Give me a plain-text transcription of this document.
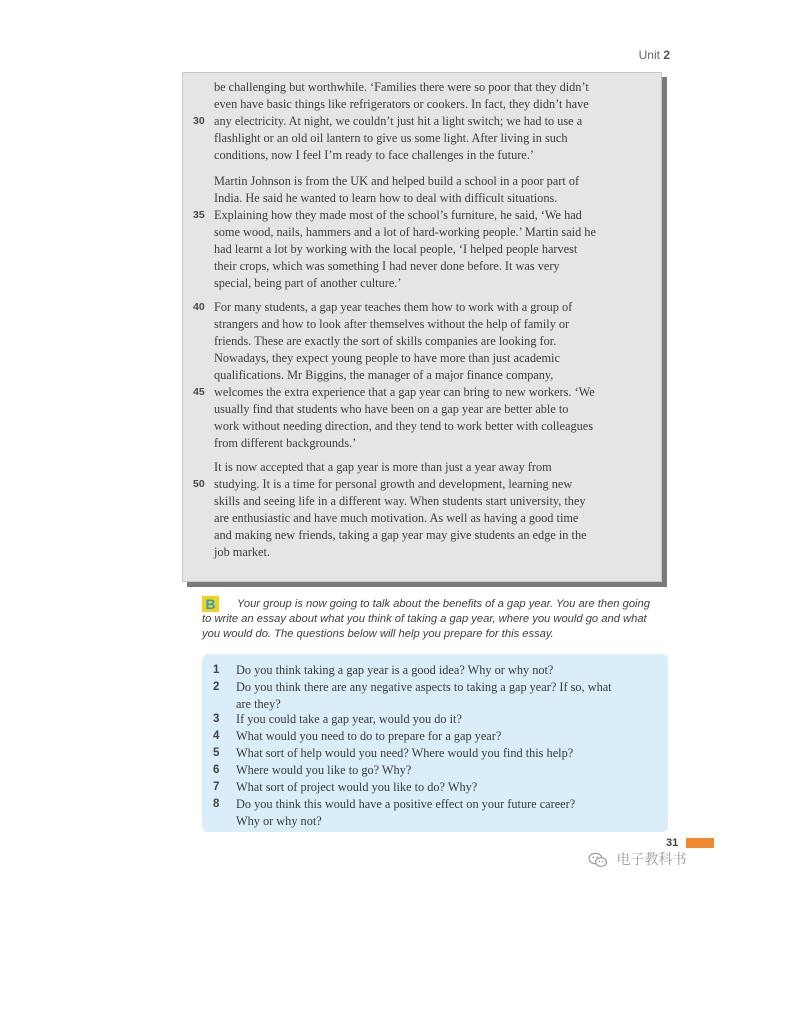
Unit 2
be challenging but worthwhile. ‘Families there were so poor that they didn’t
even have basic things like refrigerators or cookers. In fact, they didn’t have
30 any electricity. At night, we couldn’t just hit a light switch; we had to use a
flashlight or an old oil lantern to give us some light. After living in such
conditions, now I feel I’m ready to face challenges in the future.’
Martin Johnson is from the UK and helped build a school in a poor part of
India. He said he wanted to learn how to deal with difficult situations.
35 Explaining how they made most of the school’s furniture, he said, ‘We had
some wood, nails, hammers and a lot of hard-working people.’ Martin said he
had learnt a lot by working with the local people, ‘I helped people harvest
their crops, which was something I had never done before. It was very
special, being part of another culture.’
40 For many students, a gap year teaches them how to work with a group of
strangers and how to look after themselves without the help of family or
friends. These are exactly the sort of skills companies are looking for.
Nowadays, they expect young people to have more than just academic
qualifications. Mr Biggins, the manager of a major finance company,
45 welcomes the extra experience that a gap year can bring to new workers. ‘We
usually find that students who have been on a gap year are better able to
work without needing direction, and they tend to work better with colleagues
from different backgrounds.’
It is now accepted that a gap year is more than just a year away from
50 studying. It is a time for personal growth and development, learning new
skills and seeing life in a different way. When students start university, they
are enthusiastic and have much motivation. As well as having a good time
and making new friends, taking a gap year may give students an edge in the
job market.
B Your group is now going to talk about the benefits of a gap year. You are then going
to write an essay about what you think of taking a gap year, where you would go and what
you would do. The questions below will help you prepare for this essay.
1 Do you think taking a gap year is a good idea? Why or why not?
2 Do you think there are any negative aspects to taking a gap year? If so, what
are they?
3 If you could take a gap year, would you do it?
4 What would you need to do to prepare for a gap year?
5 What sort of help would you need? Where would you find this help?
6 Where would you like to go? Why?
7 What sort of project would you like to do? Why?
8 Do you think this would have a positive effect on your future career?
Why or why not?
31
电子教科书
